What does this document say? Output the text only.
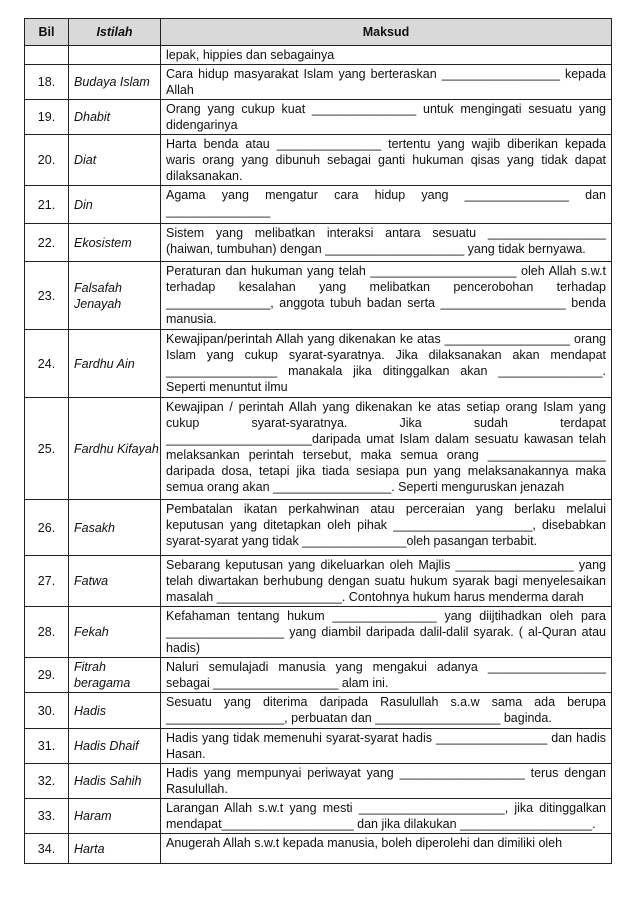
Bil	Istilah	Maksud
		lepak, hippies dan sebagainya
18.	Budaya Islam	Cara hidup masyarakat Islam yang berteraskan _________________ kepada Allah
19.	Dhabit	Orang yang cukup kuat _______________ untuk mengingati sesuatu yang didengarinya
20.	Diat	Harta benda atau _______________ tertentu yang wajib diberikan kepada waris orang yang dibunuh sebagai ganti hukuman qisas yang tidak dapat dilaksanakan.
21.	Din	Agama yang mengatur cara hidup yang _______________ dan _______________
22.	Ekosistem	Sistem yang melibatkan interaksi antara sesuatu _________________ (haiwan, tumbuhan) dengan ____________________ yang tidak bernyawa.
23.	Falsafah Jenayah	Peraturan dan hukuman yang telah _____________________ oleh Allah s.w.t terhadap kesalahan yang melibatkan pencerobohan terhadap _______________, anggota tubuh badan serta __________________ benda manusia.
24.	Fardhu Ain	Kewajipan/perintah Allah yang dikenakan ke atas __________________ orang Islam yang cukup syarat-syaratnya. Jika dilaksanakan akan mendapat ________________ manakala jika ditinggalkan akan _______________. Seperti menuntut ilmu
25.	Fardhu Kifayah	Kewajipan / perintah Allah yang dikenakan ke atas setiap orang Islam yang cukup syarat-syaratnya. Jika sudah terdapat _____________________daripada umat Islam dalam sesuatu kawasan telah melaksankan perintah tersebut, maka semua orang _________________ daripada dosa, tetapi jika tiada sesiapa pun yang melaksanakannya maka semua orang akan _________________. Seperti menguruskan jenazah
26.	Fasakh	Pembatalan ikatan perkahwinan atau perceraian yang berlaku melalui keputusan yang ditetapkan oleh pihak ____________________, disebabkan syarat-syarat yang tidak _______________oleh pasangan terbabit.
27.	Fatwa	Sebarang keputusan yang dikeluarkan oleh Majlis _________________ yang telah diwartakan berhubung dengan suatu hukum syarak bagi menyelesaikan masalah __________________. Contohnya hukum harus menderma darah
28.	Fekah	Kefahaman tentang hukum _______________ yang diijtihadkan oleh para _________________ yang diambil daripada dalil-dalil syarak. ( al-Quran atau hadis)
29.	Fitrah beragama	Naluri semulajadi manusia yang mengakui adanya _________________ sebagai __________________ alam ini.
30.	Hadis	Sesuatu yang diterima daripada Rasulullah s.a.w sama ada berupa _________________, perbuatan dan __________________ baginda.
31.	Hadis Dhaif	Hadis yang tidak memenuhi syarat-syarat hadis ________________ dan hadis Hasan.
32.	Hadis Sahih	Hadis yang mempunyai periwayat yang __________________ terus dengan Rasulullah.
33.	Haram	Larangan Allah s.w.t yang mesti _____________________, jika ditinggalkan mendapat___________________ dan jika dilakukan ___________________.
34.	Harta	Anugerah Allah s.w.t kepada manusia, boleh diperolehi dan dimiliki oleh
